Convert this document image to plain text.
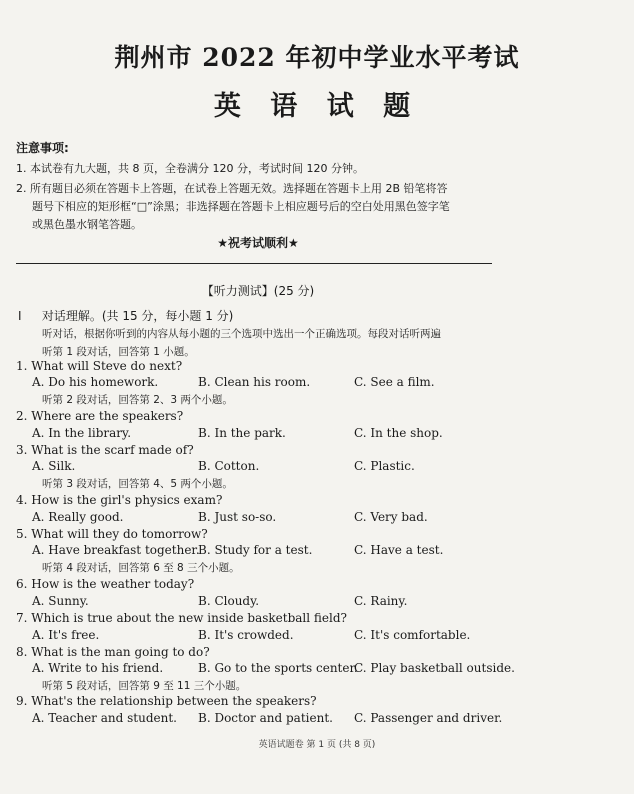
荆州市 2022 年初中学业水平考试
英 语 试 题
注意事项:
1. 本试卷有九大题，共 8 页，全卷满分 120 分，考试时间 120 分钟。
2. 所有题目必须在答题卡上答题，在试卷上答题无效。选择题在答题卡上用 2B 铅笔将答
题号下相应的矩形框“□”涂黑；非选择题在答题卡上相应题号后的空白处用黑色签字笔
或黑色墨水钢笔答题。
★祝考试顺利★
【听力测试】(25 分)
Ⅰ 对话理解。(共 15 分，每小题 1 分)
听对话，根据你听到的内容从每小题的三个选项中选出一个正确选项。每段对话听两遍
听第 1 段对话，回答第 1 小题。
1. What will Steve do next?
A. Do his homework.	B. Clean his room.	C. See a film.
听第 2 段对话，回答第 2、3 两个小题。
2. Where are the speakers?
A. In the library.	B. In the park.	C. In the shop.
3. What is the scarf made of?
A. Silk.	B. Cotton.	C. Plastic.
听第 3 段对话，回答第 4、5 两个小题。
4. How is the girl's physics exam?
A. Really good.	B. Just so-so.	C. Very bad.
5. What will they do tomorrow?
A. Have breakfast together.
B. Study for a test.	C. Have a test.
听第 4 段对话，回答第 6 至 8 三个小题。
6. How is the weather today?
A. Sunny.	B. Cloudy.	C. Rainy.
7. Which is true about the new inside basketball field?
A. It's free.	B. It's crowded.	C. It's comfortable.
8. What is the man going to do?
A. Write to his friend.	B. Go to the sports center.
C. Play basketball outside.
听第 5 段对话，回答第 9 至 11 三个小题。
9. What's the relationship between the speakers?
A. Teacher and student. B. Doctor and patient. C. Passenger and driver.
英语试题卷 第 1 页 (共 8 页)
